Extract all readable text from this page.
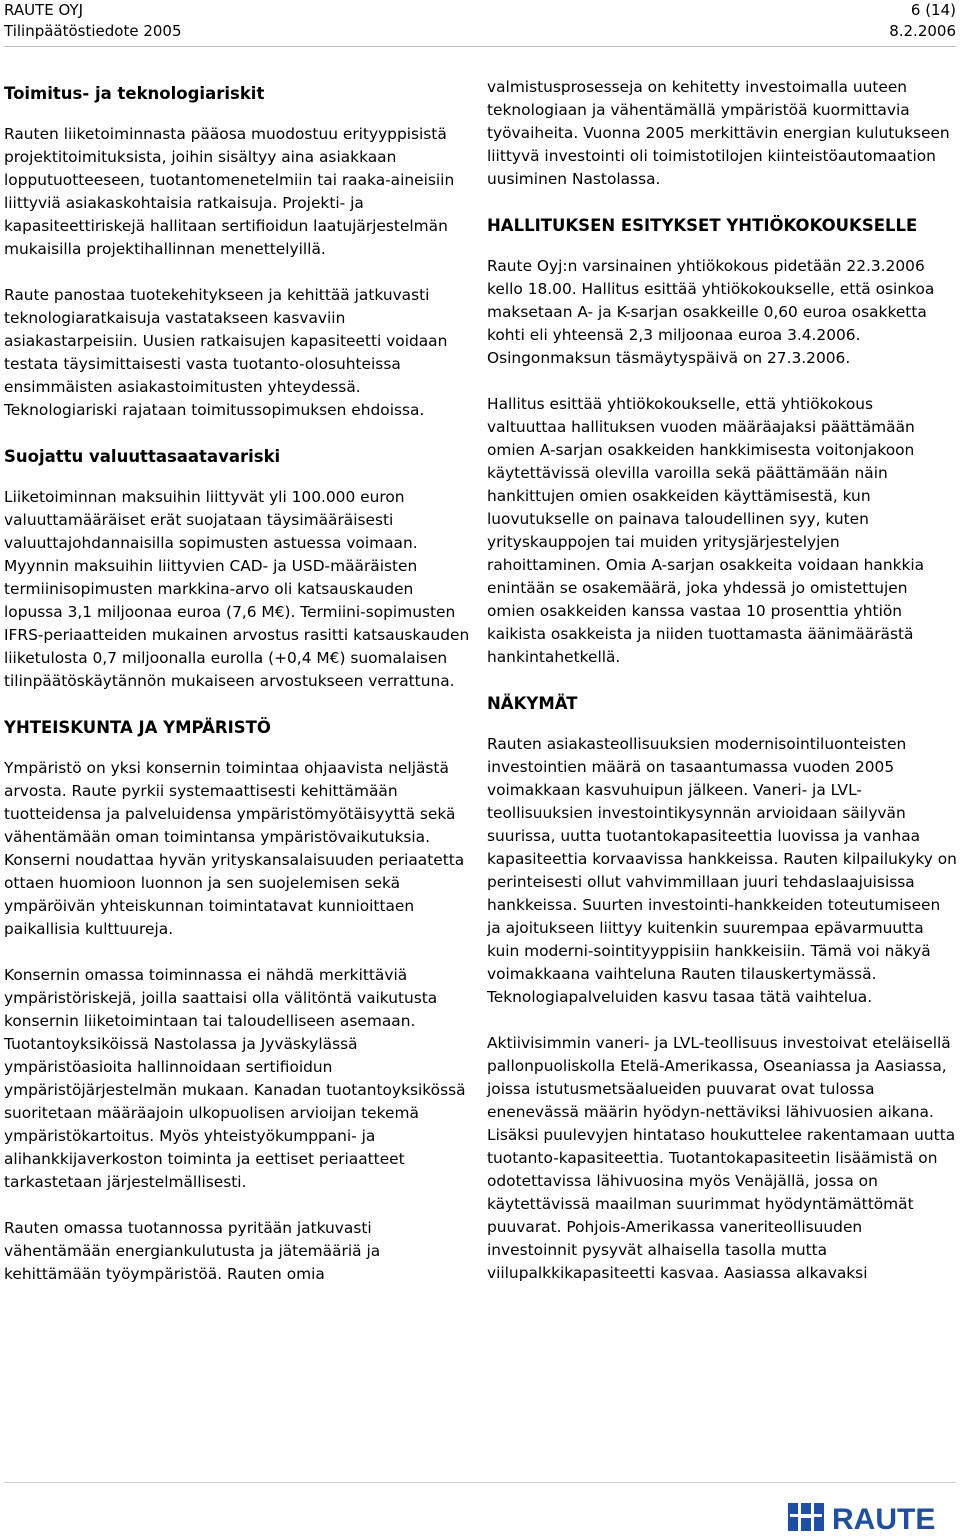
RAUTE OYJ
Tilinpäätöstiedote 2005
6 (14)
8.2.2006
Toimitus- ja teknologiariskit

Rauten liiketoiminnasta pääosa muodostuu erityyppisistä projektitoimituksista, joihin sisältyy aina asiakkaan lopputuotteeseen, tuotantomenetelmiin tai raaka-aineisiin liittyviä asiakaskohtaisia ratkaisuja. Projekti- ja kapasiteettiriskejä hallitaan sertifioidun laatujärjestelmän mukaisilla projektihallinnan menettelyillä.

Raute panostaa tuotekehitykseen ja kehittää jatkuvasti teknologiaratkaisuja vastatakseen kasvaviin asiakastarpeisiin. Uusien ratkaisujen kapasiteetti voidaan testata täysimittaisesti vasta tuotanto-olosuhteissa ensimmäisten asiakastoimitusten yhteydessä. Teknologiariski rajataan toimitussopimuksen ehdoissa.

Suojattu valuuttasaatavariski

Liiketoiminnan maksuihin liittyvät yli 100.000 euron valuuttamääräiset erät suojataan täysimääräisesti valuuttajohdannaisilla sopimusten astuessa voimaan. Myynnin maksuihin liittyvien CAD- ja USD-määräisten termiinisopimusten markkina-arvo oli katsauskauden lopussa 3,1 miljoonaa euroa (7,6 M€). Termiini-sopimusten IFRS-periaatteiden mukainen arvostus rasitti katsauskauden liiketulosta 0,7 miljoonalla eurolla (+0,4 M€) suomalaisen tilinpäätöskäytännön mukaiseen arvostukseen verrattuna.

YHTEISKUNTA JA YMPÄRISTÖ

Ympäristö on yksi konsernin toimintaa ohjaavista neljästä arvosta. Raute pyrkii systemaattisesti kehittämään tuotteidensa ja palveluidensa ympäristömyötäisyyttä sekä vähentämään oman toimintansa ympäristövaikutuksia. Konserni noudattaa hyvän yrityskansalaisuuden periaatetta ottaen huomioon luonnon ja sen suojelemisen sekä ympäröivän yhteiskunnan toimintatavat kunnioittaen paikallisia kulttuureja.

Konsernin omassa toiminnassa ei nähdä merkittäviä ympäristöriskejä, joilla saattaisi olla välitöntä vaikutusta konsernin liiketoimintaan tai taloudelliseen asemaan. Tuotantoyksiköissä Nastolassa ja Jyväskylässä ympäristöasioita hallinnoidaan sertifioidun ympäristöjärjestelmän mukaan. Kanadan tuotantoyksikössä suoritetaan määräajoin ulkopuolisen arvioijan tekemä ympäristökartoitus. Myös yhteistyökumppani- ja alihankkijaverkoston toiminta ja eettiset periaatteet tarkastetaan järjestelmällisesti.

Rauten omassa tuotannossa pyritään jatkuvasti vähentämään energiankulutusta ja jätemääriä ja kehittämään työympäristöä. Rauten omia

valmistusprosesseja on kehitetty investoimalla uuteen teknologiaan ja vähentämällä ympäristöä kuormittavia työvaiheita. Vuonna 2005 merkittävin energian kulutukseen liittyvä investointi oli toimistotilojen kiinteistöautomaation uusiminen Nastolassa.

HALLITUKSEN ESITYKSET YHTIÖKOKOUKSELLE

Raute Oyj:n varsinainen yhtiökokous pidetään 22.3.2006 kello 18.00. Hallitus esittää yhtiökokoukselle, että osinkoa maksetaan A- ja K-sarjan osakkeille 0,60 euroa osakketta kohti eli yhteensä 2,3 miljoonaa euroa 3.4.2006. Osingonmaksun täsmäytyspäivä on 27.3.2006.

Hallitus esittää yhtiökokoukselle, että yhtiökokous valtuuttaa hallituksen vuoden määräajaksi päättämään omien A-sarjan osakkeiden hankkimisesta voitonjakoon käytettävissä olevilla varoilla sekä päättämään näin hankittujen omien osakkeiden käyttämisestä, kun luovutukselle on painava taloudellinen syy, kuten yrityskauppojen tai muiden yritysjärjestelyjen rahoittaminen. Omia A-sarjan osakkeita voidaan hankkia enintään se osakemäärä, joka yhdessä jo omistettujen omien osakkeiden kanssa vastaa 10 prosenttia yhtiön kaikista osakkeista ja niiden tuottamasta äänimäärästä hankintahetkellä.

NÄKYMÄT

Rauten asiakasteollisuuksien modernisointiluonteisten investointien määrä on tasaantumassa vuoden 2005 voimakkaan kasvuhuipun jälkeen. Vaneri- ja LVL-teollisuuksien investointikysynnän arvioidaan säilyvän suurissa, uutta tuotantokapasiteettia luovissa ja vanhaa kapasiteettia korvaavissa hankkeissa. Rauten kilpailukyky on perinteisesti ollut vahvimmillaan juuri tehdaslaajuisissa hankkeissa. Suurten investointi-hankkeiden toteutumiseen ja ajoitukseen liittyy kuitenkin suurempaa epävarmuutta kuin moderni-sointityyppisiin hankkeisiin. Tämä voi näkyä voimakkaana vaihteluna Rauten tilauskertymässä. Teknologiapalveluiden kasvu tasaa tätä vaihtelua.

Aktiivisimmin vaneri- ja LVL-teollisuus investoivat eteläisellä pallonpuoliskolla Etelä-Amerikassa, Oseaniassa ja Aasiassa, joissa istutusmetsäalueiden puuvarat ovat tulossa enenevässä määrin hyödyn-nettäviksi lähivuosien aikana. Lisäksi puulevyjen hintataso houkuttelee rakentamaan uutta tuotanto-kapasiteettia. Tuotantokapasiteetin lisäämistä on odotettavissa lähivuosina myös Venäjällä, jossa on käytettävissä maailman suurimmat hyödyntämättömät puuvarat. Pohjois-Amerikassa vaneriteollisuuden investoinnit pysyvät alhaisella tasolla mutta viilupalkkikapasiteetti kasvaa. Aasiassa alkavaksi

RAUTE
